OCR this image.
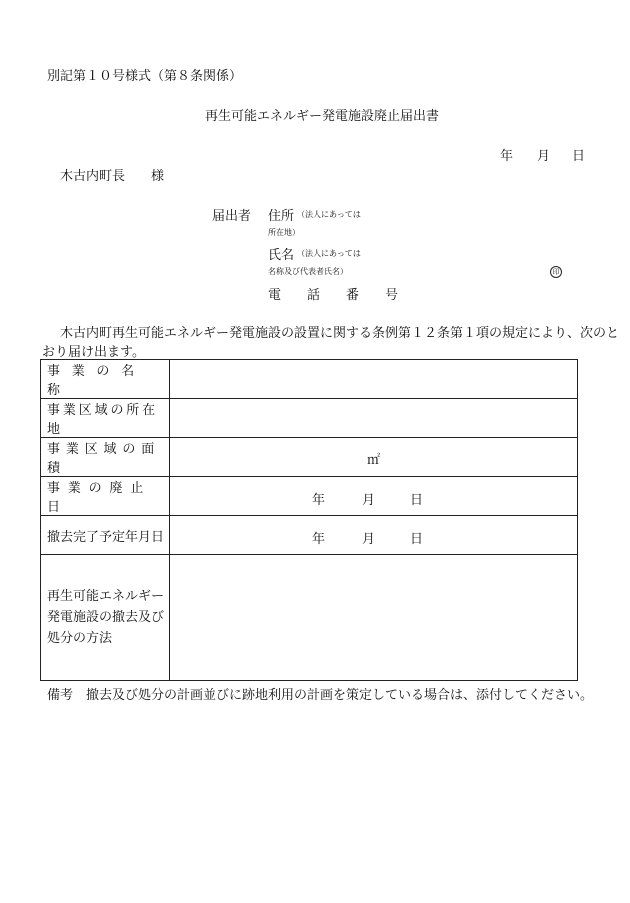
別記第１０号様式（第８条関係）
再生可能エネルギー発電施設廃止届出書
年 月 日
木古内町長　　様
届出者 住所 （法人にあっては
所在地）
氏名 （法人にあっては
名称及び代表者氏名）	印
電　話　番　号
木古内町再生可能エネルギー発電施設の設置に関する条例第１２条第１項の規定により、次のと
おり届け出ます。
事業の名称	
事業区域の所在地	
事業区域の面積	㎡

事業の廃止日	年 月 日

撤去完了予定年月日	年 月 日

再生可能エネルギー
発電施設の撤去及び
処分の方法	

備考　撤去及び処分の計画並びに跡地利用の計画を策定している場合は、添付してください。
